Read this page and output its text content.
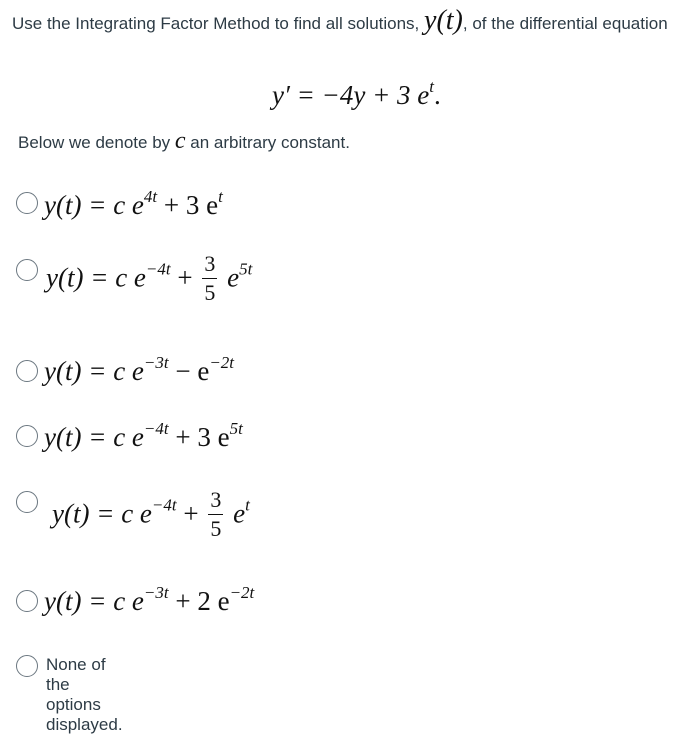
Use the Integrating Factor Method to find all solutions, y(t), of the differential equation
y′ = −4y + 3 $e^t$.
Below we denote by c an arbitrary constant.
y(t) = c $e^{4t} + 3$ $e^t$
y(t) = c $e^{-4t} + \frac{3}{5} e^{5t}$
y(t) = c $e^{-3t} - e^{-2t}$
y(t) = c $e^{-4t} + 3$ $e^{5t}$
y(t) = c $e^{-4t} + \frac{3}{5} e^t$
y(t) = c $e^{-3t} + 2$ $e^{-2t}$
None of the options displayed.
